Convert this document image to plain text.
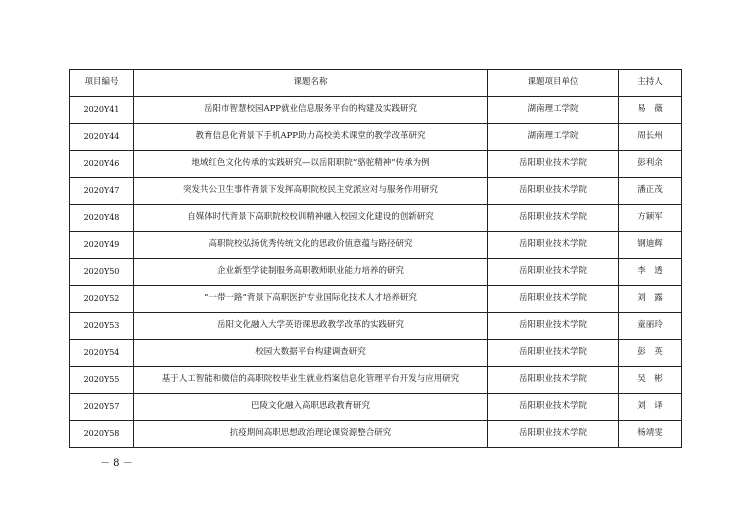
项目编号	课题名称	课题项目单位	主持人
2020Y41	岳阳市智慧校园APP就业信息服务平台的构建及实践研究	湖南理工学院	易　薇
2020Y44	教育信息化背景下手机APP助力高校美术课堂的教学改革研究	湖南理工学院	周长州
2020Y46	地域红色文化传承的实践研究—以岳阳职院“骆驼精神”传承为例	岳阳职业技术学院	彭利余
2020Y47	突发共公卫生事件背景下发挥高职院校民主党派应对与服务作用研究	岳阳职业技术学院	潘正茂
2020Y48	自媒体时代背景下高职院校校训精神融入校园文化建设的创新研究	岳阳职业技术学院	方颖军
2020Y49	高职院校弘扬优秀传统文化的思政价值意蕴与路径研究	岳阳职业技术学院	钢迪辉
2020Y50	企业新型学徒制服务高职教师职业能力培养的研究	岳阳职业技术学院	李　透
2020Y52	“一带一路”背景下高职医护专业国际化技术人才培养研究	岳阳职业技术学院	刘　露
2020Y53	岳阳文化融入大学英语课思政教学改革的实践研究	岳阳职业技术学院	童丽玲
2020Y54	校园大数据平台构建调查研究	岳阳职业技术学院	彭　英
2020Y55	基于人工智能和微信的高职院校毕业生就业档案信息化管理平台开发与应用研究	岳阳职业技术学院	吴　彬
2020Y57	巴陵文化融入高职思政教育研究	岳阳职业技术学院	刘　译
2020Y58	抗疫期间高职思想政治理论课资源整合研究	岳阳职业技术学院	杨靖雯
－ 8 －
